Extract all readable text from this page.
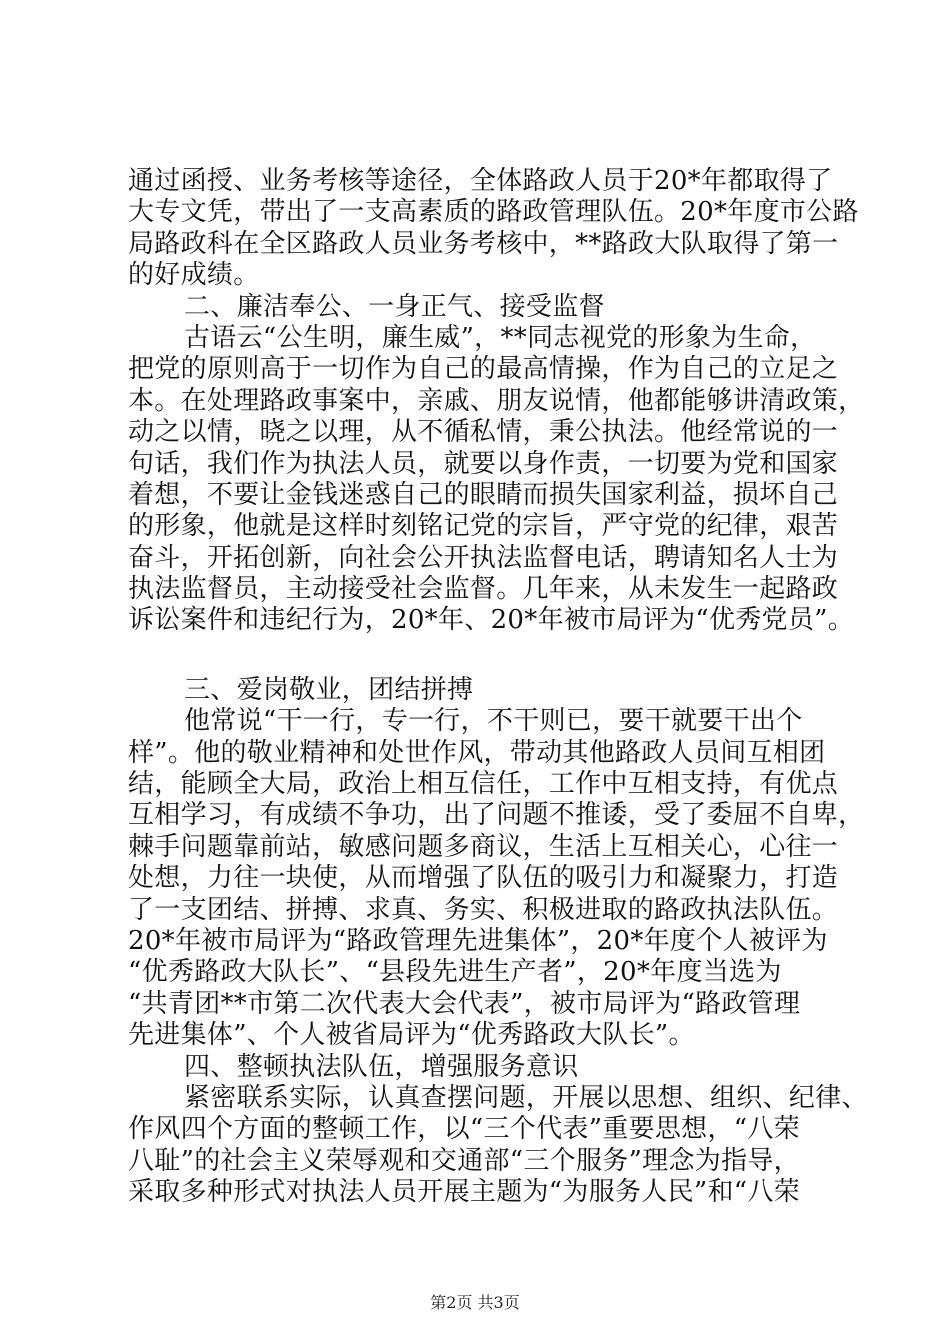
通过函授、业务考核等途径，全体路政人员于20*年都取得了
大专文凭，带出了一支高素质的路政管理队伍。20*年度市公路
局路政科在全区路政人员业务考核中，**路政大队取得了第一
的好成绩。
二、廉洁奉公、一身正气、接受监督
古语云“公生明，廉生威”，**同志视党的形象为生命，
把党的原则高于一切作为自己的最高情操，作为自己的立足之
本。在处理路政事案中，亲戚、朋友说情，他都能够讲清政策，
动之以情，晓之以理，从不循私情，秉公执法。他经常说的一
句话，我们作为执法人员，就要以身作责，一切要为党和国家
着想，不要让金钱迷惑自己的眼睛而损失国家利益，损坏自己
的形象，他就是这样时刻铭记党的宗旨，严守党的纪律，艰苦
奋斗，开拓创新，向社会公开执法监督电话，聘请知名人士为
执法监督员，主动接受社会监督。几年来，从未发生一起路政
诉讼案件和违纪行为，20*年、20*年被市局评为“优秀党员”。
三、爱岗敬业，团结拼搏
他常说“干一行，专一行，不干则已，要干就要干出个
样”。他的敬业精神和处世作风，带动其他路政人员间互相团
结，能顾全大局，政治上相互信任，工作中互相支持，有优点
互相学习，有成绩不争功，出了问题不推诿，受了委屈不自卑，
棘手问题靠前站，敏感问题多商议，生活上互相关心，心往一
处想，力往一块使，从而增强了队伍的吸引力和凝聚力，打造
了一支团结、拼搏、求真、务实、积极进取的路政执法队伍。
20*年被市局评为“路政管理先进集体”，20*年度个人被评为
“优秀路政大队长”、“县段先进生产者”，20*年度当选为
“共青团**市第二次代表大会代表”，被市局评为“路政管理
先进集体”、个人被省局评为“优秀路政大队长”。
四、整顿执法队伍，增强服务意识
紧密联系实际，认真查摆问题，开展以思想、组织、纪律、
作风四个方面的整顿工作，以“三个代表”重要思想，“八荣
八耻”的社会主义荣辱观和交通部“三个服务”理念为指导，
采取多种形式对执法人员开展主题为“为服务人民”和“八荣
第2页 共3页
